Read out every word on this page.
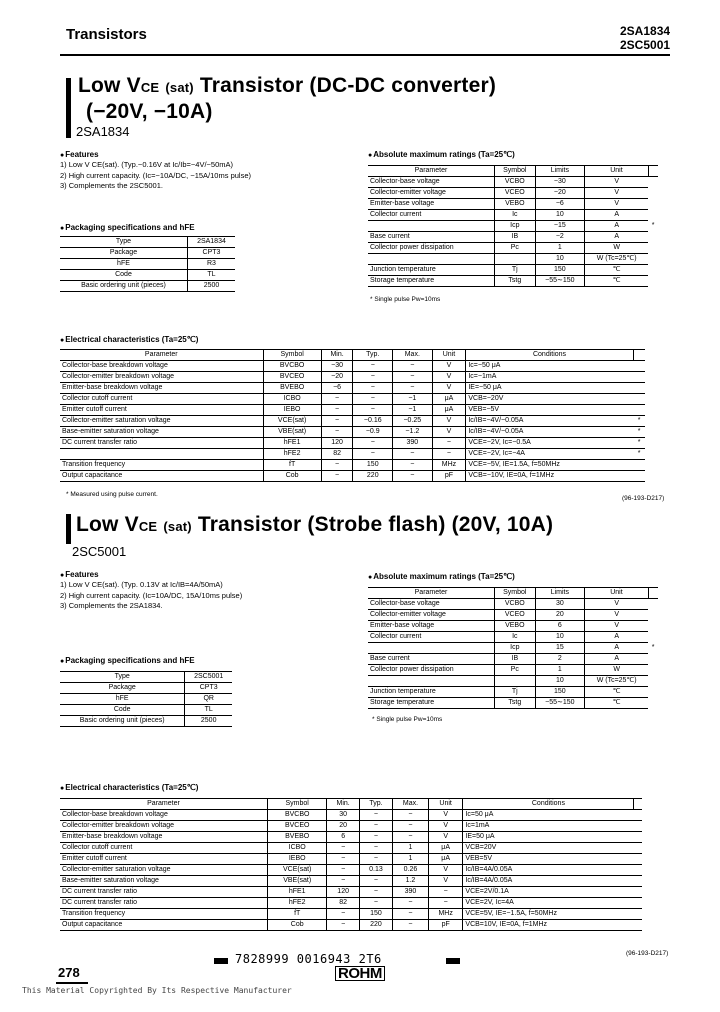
Transistors	2SA1834
2SC5001
Low VCE (sat) Transistor (DC-DC converter)
(−20V, −10A)
2SA1834
● Features
1) Low V CE(sat). (Typ.−0.16V at Ic/Ib=−4V/−50mA)
2) High current capacity. (Ic=−10A/DC, −15A/10ms pulse)
3) Complements the 2SC5001.
● Packaging specifications and hFE
Type	2SA1834
Package	CPT3
hFE	R3
Code	TL
Basic ordering unit (pieces)	2500
● Absolute maximum ratings (Ta=25℃)
Parameter	Symbol	Limits	Unit	
Collector-base voltage	VCBO	−30	V	
Collector-emitter voltage	VCEO	−20	V	
Emitter-base voltage	VEBO	−6	V	
Collector current	Ic	10	A	
	Icp	−15	A	*
Base current	IB	−2	A	
Collector power dissipation	Pc	1	W	
		10	W (Tc=25℃)	
Junction temperature	Tj	150	℃	
Storage temperature	Tstg	−55∼150	℃	
* Single pulse Pw=10ms
● Electrical characteristics (Ta=25℃)
Parameter	Symbol	Min.	Typ.	Max.	Unit	Conditions	
Collector-base breakdown voltage	BVCBO	−30	−	−	V	Ic=−50 μA	
Collector-emitter breakdown voltage	BVCEO	−20	−	−	V	Ic=−1mA	
Emitter-base breakdown voltage	BVEBO	−6	−	−	V	IE=−50 μA	
Collector cutoff current	ICBO	−	−	−1	μA	VCB=−20V	
Emitter cutoff current	IEBO	−	−	−1	μA	VEB=−5V	
Collector-emitter saturation voltage	VCE(sat)	−	−0.16	−0.25	V	Ic/IB=−4V/−0.05A	*
Base-emitter saturation voltage	VBE(sat)	−	−0.9	−1.2	V	Ic/IB=−4V/−0.05A	*
DC current transfer ratio	hFE1	120	−	390	−	VCE=−2V, Ic=−0.5A	*
	hFE2	82	−	−	−	VCE=−2V, Ic=−4A	*
Transition frequency	fT	−	150	−	MHz	VCE=−5V, IE=1.5A, f=50MHz	
Output capacitance	Cob	−	220	−	pF	VCB=−10V, IE=0A, f=1MHz	
* Measured using pulse current.
(96-193-D217)
Low VCE (sat) Transistor (Strobe flash) (20V, 10A)
2SC5001
● Features
1) Low V CE(sat). (Typ. 0.13V at Ic/IB=4A/50mA)
2) High current capacity. (Ic=10A/DC, 15A/10ms pulse)
3) Complements the 2SA1834.
● Packaging specifications and hFE
Type	2SC5001
Package	CPT3
hFE	QR
Code	TL
Basic ordering unit (pieces)	2500
● Absolute maximum ratings (Ta=25℃)
Parameter	Symbol	Limits	Unit	
Collector-base voltage	VCBO	30	V	
Collector-emitter voltage	VCEO	20	V	
Emitter-base voltage	VEBO	6	V	
Collector current	Ic	10	A	
	Icp	15	A	*
Base current	IB	2	A	
Collector power dissipation	Pc	1	W	
		10	W (Tc=25℃)	
Junction temperature	Tj	150	℃	
Storage temperature	Tstg	−55∼150	℃	
* Single pulse Pw=10ms
● Electrical characteristics (Ta=25℃)
Parameter	Symbol	Min.	Typ.	Max.	Unit	Conditions	
Collector-base breakdown voltage	BVCBO	30	−	−	V	Ic=50 μA	
Collector-emitter breakdown voltage	BVCEO	20	−	−	V	Ic=1mA	
Emitter-base breakdown voltage	BVEBO	6	−	−	V	IE=50 μA	
Collector cutoff current	ICBO	−	−	1	μA	VCB=20V	
Emitter cutoff current	IEBO	−	−	1	μA	VEB=5V	
Collector-emitter saturation voltage	VCE(sat)	−	0.13	0.26	V	Ic/IB=4A/0.05A	
Base-emitter saturation voltage	VBE(sat)	−	−	1.2	V	Ic/IB=4A/0.05A	
DC current transfer ratio	hFE1	120	−	390	−	VCE=2V/0.1A	
DC current transfer ratio	hFE2	82	−	−	−	VCE=2V, Ic=4A	
Transition frequency	fT	−	150	−	MHz	VCE=5V, IE=−1.5A, f=50MHz	
Output capacitance	Cob	−	220	−	pF	VCB=10V, IE=0A, f=1MHz	
(96-193-D217)
278
7828999 0016943 2T6
ROHM
This Material Copyrighted By Its Respective Manufacturer
